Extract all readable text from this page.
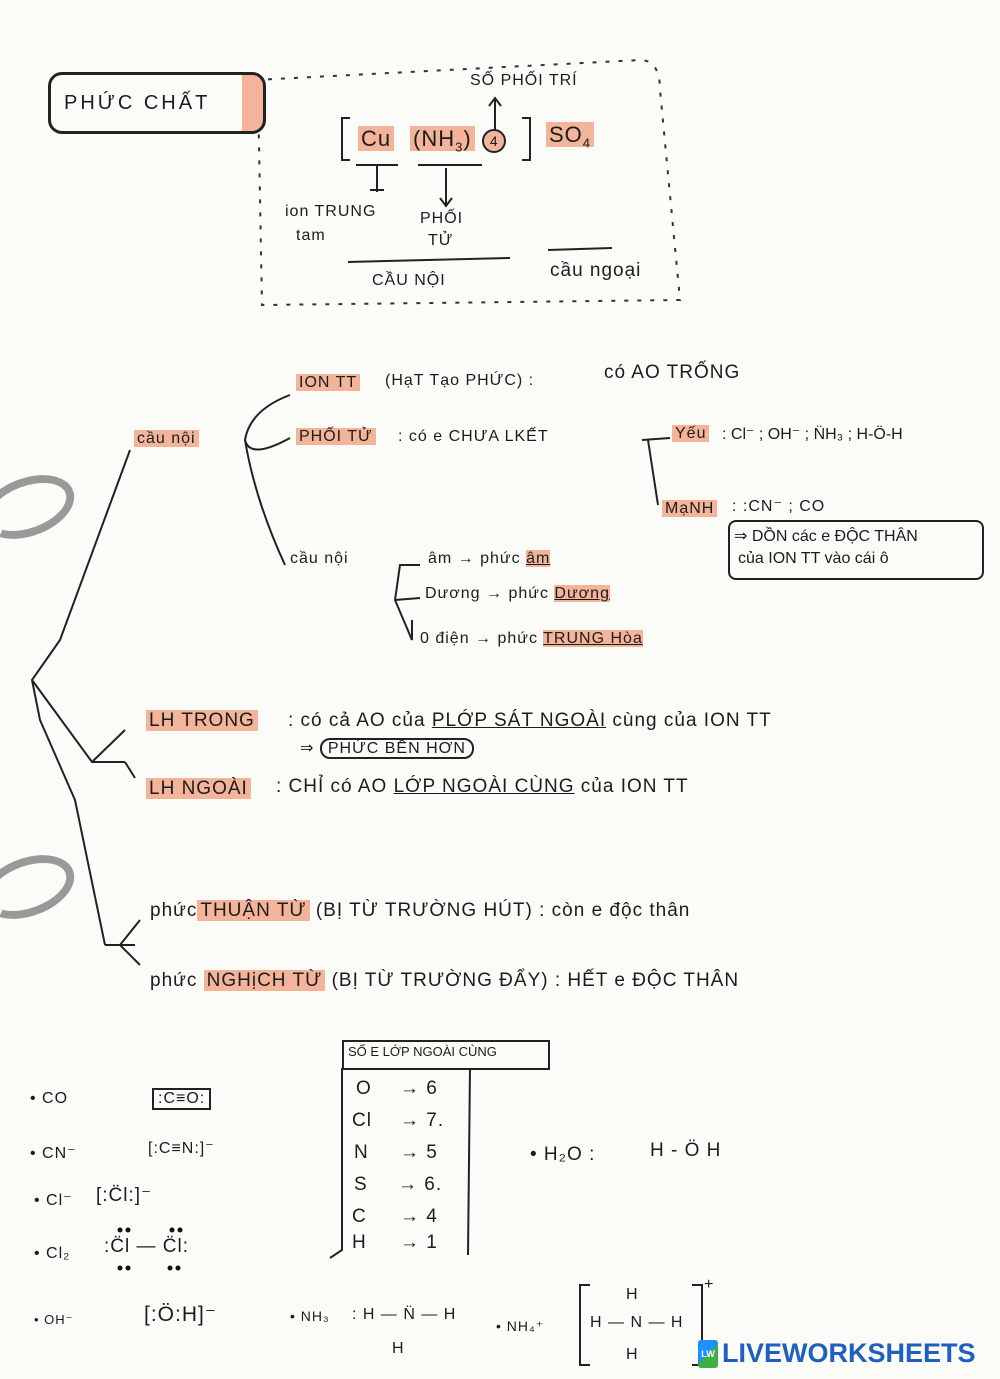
PHỨC CHẤT
SỐ PHỐI TRÍ
Cu $(NH_3)$ 4	$SO_4$
ion TRUNG
tam
PHỐI
TỬ
CẦU NỘI	cầu ngoại
cầu nội
ION TT (HạT Tạo PHỨC) :	có AO TRỐNG
PHỐI TỬ : có e CHƯA LKẾT	Yếu : Cl⁻ ; OH⁻ ; N̈H₃ ; H-Ö-H
MạNH : :CN⁻ ; CO
⇒ DỒN các e ĐỘC THÂN
của ION TT vào cái ô
cầu nội	âm → phức âm
Dương → phức Dương
0 điện → phức TRUNG Hòa
LH TRONG : có cả AO của PLỚP SÁT NGOÀI cùng của ION TT
⇒ PHỨC BỀN HƠN
LH NGOÀI : CHỈ có AO LỚP NGOÀI CÙNG của ION TT
phức THUẬN TỪ (BỊ TỪ TRƯỜNG HÚT) : còn e độc thân
phức NGHịCH TỪ (BỊ TỪ TRƯỜNG ĐẨY) : HẾT e ĐỘC THÂN
SỐ E LỚP NGOÀI CÙNG
O → 6
Cl → 7.
N → 5
S → 6.
C → 4
H → 1
• CO	:C≡O:
• CN⁻	[:C≡N:]⁻
• Cl⁻ [:C̈l:]⁻
• Cl₂ :C̈l — C̈l:
• OH⁻	[:Ö:H]⁻	• NH₃ : H — N̈ — H
H
• NH₄⁺
H
H — N — H
H
+
• H₂O :	H - Ö H
LW LIVEWORKSHEETS
